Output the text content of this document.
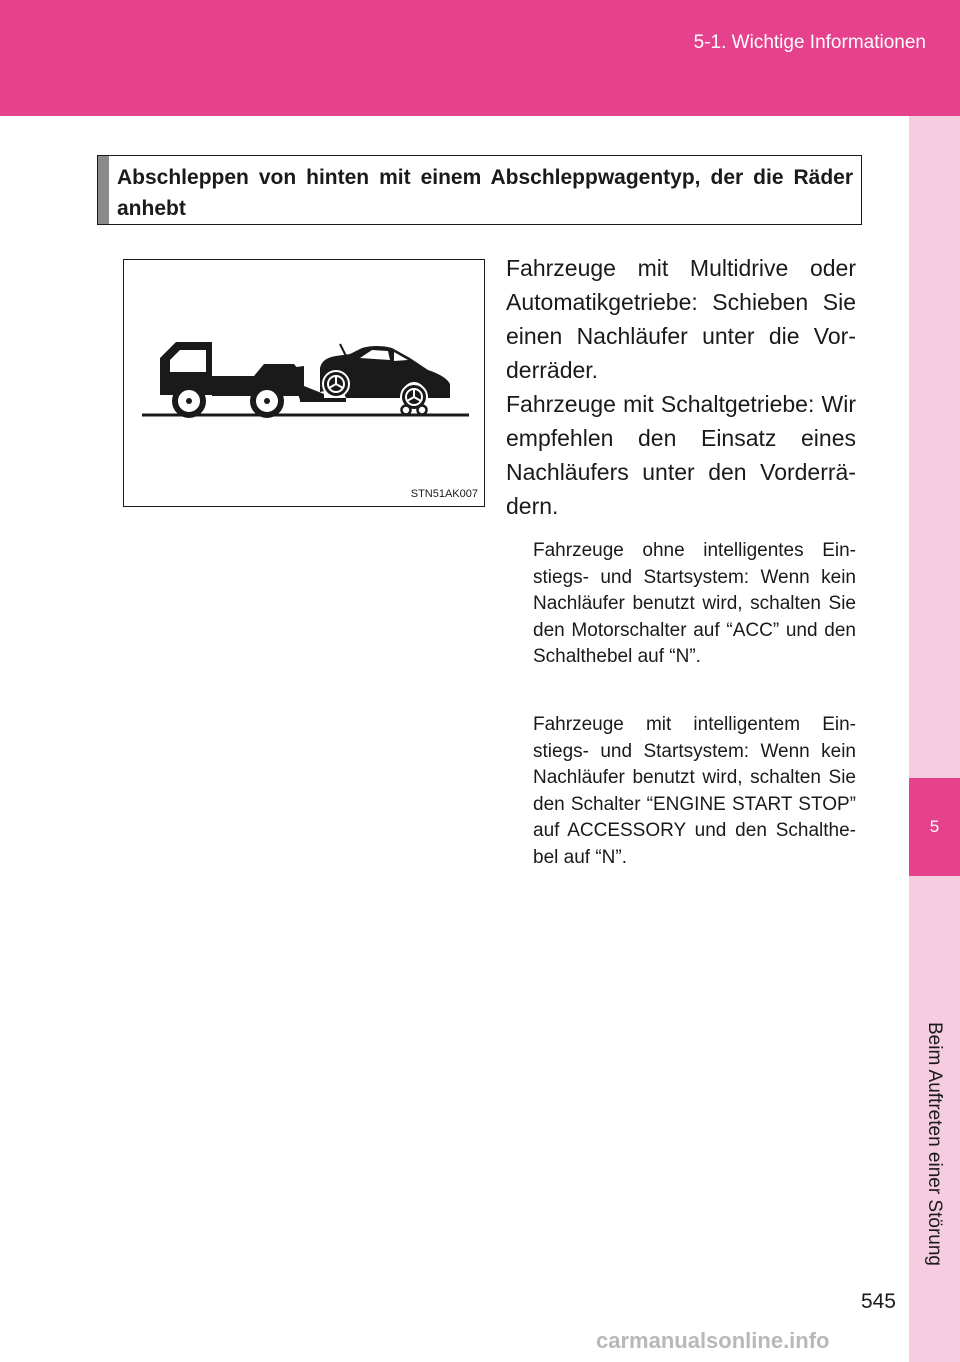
5-1. Wichtige Informationen
5
Beim Auftreten einer Störung
Abschleppen von hinten mit einem Abschleppwagentyp, der die Räder anhebt
STN51AK007

Fahrzeuge mit Multidrive oder Automatikgetriebe: Schieben Sie einen Nachläufer unter die Vor-derräder.

Fahrzeuge mit Schaltgetriebe: Wir empfehlen den Einsatz eines Nachläufers unter den Vorderrä-dern.

Fahrzeuge ohne intelligentes Ein-stiegs- und Startsystem: Wenn kein Nachläufer benutzt wird, schalten Sie den Motorschalter auf “ACC” und den Schalthebel auf “N”.

Fahrzeuge mit intelligentem Ein-stiegs- und Startsystem: Wenn kein Nachläufer benutzt wird, schalten Sie den Schalter “ENGINE START STOP” auf ACCESSORY und den Schalthe-bel auf “N”.

545
carmanualsonline.info
